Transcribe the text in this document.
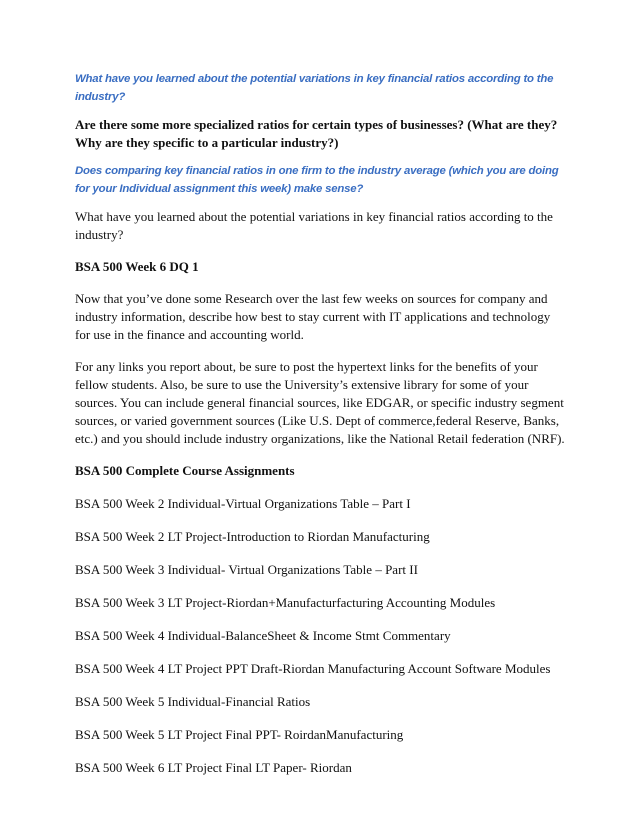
What have you learned about the potential variations in key financial ratios according to the industry?

Are there some more specialized ratios for certain types of businesses? (What are they? Why are they specific to a particular industry?)

Does comparing key financial ratios in one firm to the industry average (which you are doing for your Individual assignment this week) make sense?

What have you learned about the potential variations in key financial ratios according to the industry?

BSA 500 Week 6 DQ 1

Now that you’ve done some Research over the last few weeks on sources for company and industry information, describe how best to stay current with IT applications and technology for use in the finance and accounting world.

For any links you report about, be sure to post the hypertext links for the benefits of your fellow students. Also, be sure to use the University’s extensive library for some of your sources. You can include general financial sources, like EDGAR, or specific industry segment sources, or varied government sources (Like U.S. Dept of commerce,federal Reserve, Banks, etc.) and you should include industry organizations, like the National Retail federation (NRF).

BSA 500 Complete Course Assignments

BSA 500 Week 2 Individual-Virtual Organizations Table – Part I

BSA 500 Week 2 LT Project-Introduction to Riordan Manufacturing

BSA 500 Week 3 Individual- Virtual Organizations Table – Part II

BSA 500 Week 3 LT Project-Riordan+Manufacturfacturing Accounting Modules

BSA 500 Week 4 Individual-BalanceSheet & Income Stmt Commentary

BSA 500 Week 4 LT Project PPT Draft-Riordan Manufacturing Account Software Modules

BSA 500 Week 5 Individual-Financial Ratios

BSA 500 Week 5 LT Project Final PPT- RoirdanManufacturing

BSA 500 Week 6 LT Project Final LT Paper- Riordan
